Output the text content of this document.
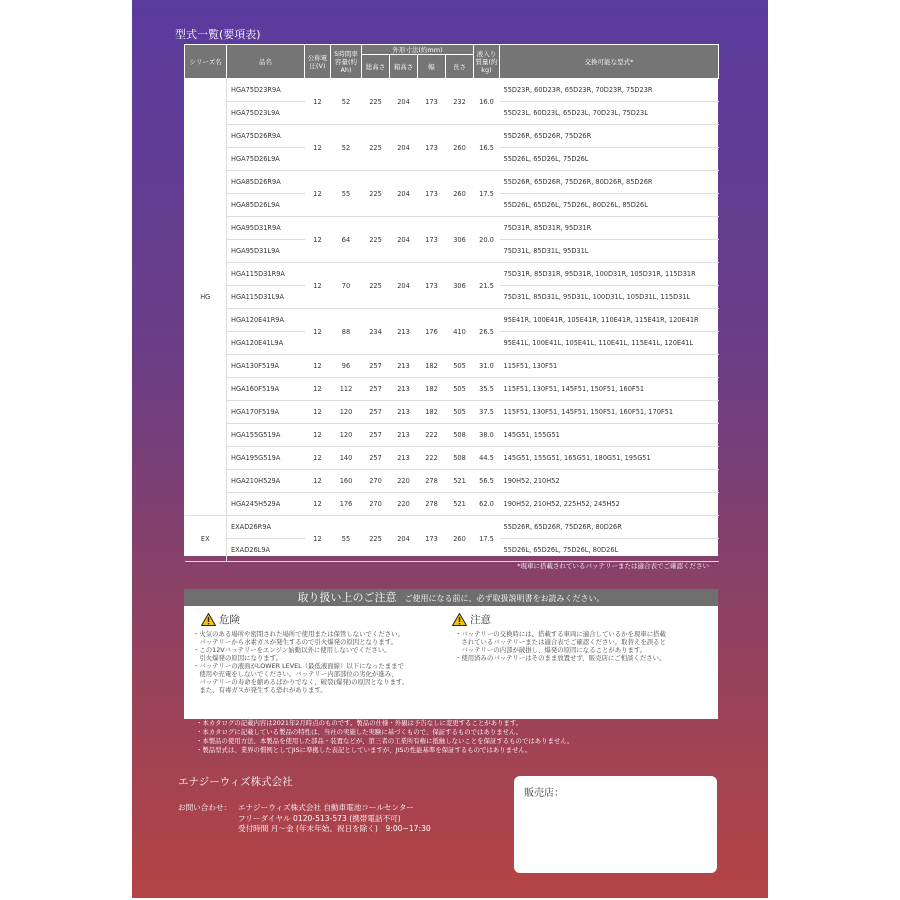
型式一覧(要項表)
シリーズ名	品名	公称電圧(V)	5時間率容量(約Ah)	外形寸法(約mm)				液入り質量(約kg)	交換可能な型式*
				総高さ	箱高さ	幅	長さ		
HG	HGA75D23R9A	12	52	225	204	173	232	16.0	55D23R, 60D23R, 65D23R, 70D23R, 75D23R
	HGA75D23L9A								55D23L, 60D23L, 65D23L, 70D23L, 75D23L
	HGA75D26R9A	12	52	225	204	173	260	16.5	55D26R, 65D26R, 75D26R
	HGA75D26L9A								55D26L, 65D26L, 75D26L
	HGA85D26R9A	12	55	225	204	173	260	17.5	55D26R, 65D26R, 75D26R, 80D26R, 85D26R
	HGA85D26L9A								55D26L, 65D26L, 75D26L, 80D26L, 85D26L
	HGA95D31R9A	12	64	225	204	173	306	20.0	75D31R, 85D31R, 95D31R
	HGA95D31L9A								75D31L, 85D31L, 95D31L
	HGA115D31R9A	12	70	225	204	173	306	21.5	75D31R, 85D31R, 95D31R, 100D31R, 105D31R, 115D31R
	HGA115D31L9A								75D31L, 85D31L, 95D31L, 100D31L, 105D31L, 115D31L
	HGA120E41R9A	12	88	234	213	176	410	26.5	95E41R, 100E41R, 105E41R, 110E41R, 115E41R, 120E41R
	HGA120E41L9A								95E41L, 100E41L, 105E41L, 110E41L, 115E41L, 120E41L
	HGA130F519A	12	96	257	213	182	505	31.0	115F51, 130F51
	HGA160F519A	12	112	257	213	182	505	35.5	115F51, 130F51, 145F51, 150F51, 160F51
	HGA170F519A	12	120	257	213	182	505	37.5	115F51, 130F51, 145F51, 150F51, 160F51, 170F51
	HGA155G519A	12	120	257	213	222	508	38.0	145G51, 155G51
	HGA195G519A	12	140	257	213	222	508	44.5	145G51, 155G51, 165G51, 180G51, 195G51
	HGA210H529A	12	160	270	220	278	521	56.5	190H52, 210H52
	HGA245H529A	12	176	270	220	278	521	62.0	190H52, 210H52, 225H52, 245H52
EX	EXAD26R9A	12	55	225	204	173	260	17.5	55D26R, 65D26R, 75D26R, 80D26R
	EXAD26L9A								55D26L, 65D26L, 75D26L, 80D26L
*現車に搭載されているバッテリーまたは適合表でご確認ください
取り扱い上のご注意 ご使用になる前に、必ず取扱説明書をお読みください。
危険
・火気のある場所や密閉された場所で使用または保管しないでください。
　バッテリーから水素ガスが発生するので引火爆発の原因となります。
・この12Vバッテリーをエンジン始動以外に使用しないでください。
　引火爆発の原因になります。
・バッテリーの液面がLOWER LEVEL（最低液面線）以下になったままで
　使用や充電をしないでください。バッテリー内部部位の劣化が進み、
　バッテリーの寿命を縮めるばかりでなく、破裂(爆発)の原因となります。
　また、有毒ガスが発生する恐れがあります。
注意
・バッテリーの交換時には、搭載する車両に適合しているかを現車に搭載
　されているバッテリーまたは適合表でご確認ください。取替えを誤ると
　バッテリーの内部が破損し、爆発の原因になることがあります。
・使用済みのバッテリーはそのまま放置せず、販売店にご相談ください。
・本カタログの記載内容は2021年2月時点のものです。製品の仕様・外観は予告なしに変更することがあります。
・本カタログに記載している製品の特性は、当社の実施した実験に基づくもので、保証するものではありません。
・本製品の使用方法、本製品を使用した部品・装置などが、第三者の工業所有権に抵触しないことを保証するものではありません。
・製品型式は、業界の慣例としてJISに準拠した表記としていますが、JISの性能基準を保証するものではありません。
エナジーウィズ株式会社
お問い合わせ： エナジーウィズ株式会社 自動車電池コールセンター
フリーダイヤル 0120-513-573 (携帯電話不可)
受付時間 月～金 (年末年始、祝日を除く)　9:00~17:30
販売店：
